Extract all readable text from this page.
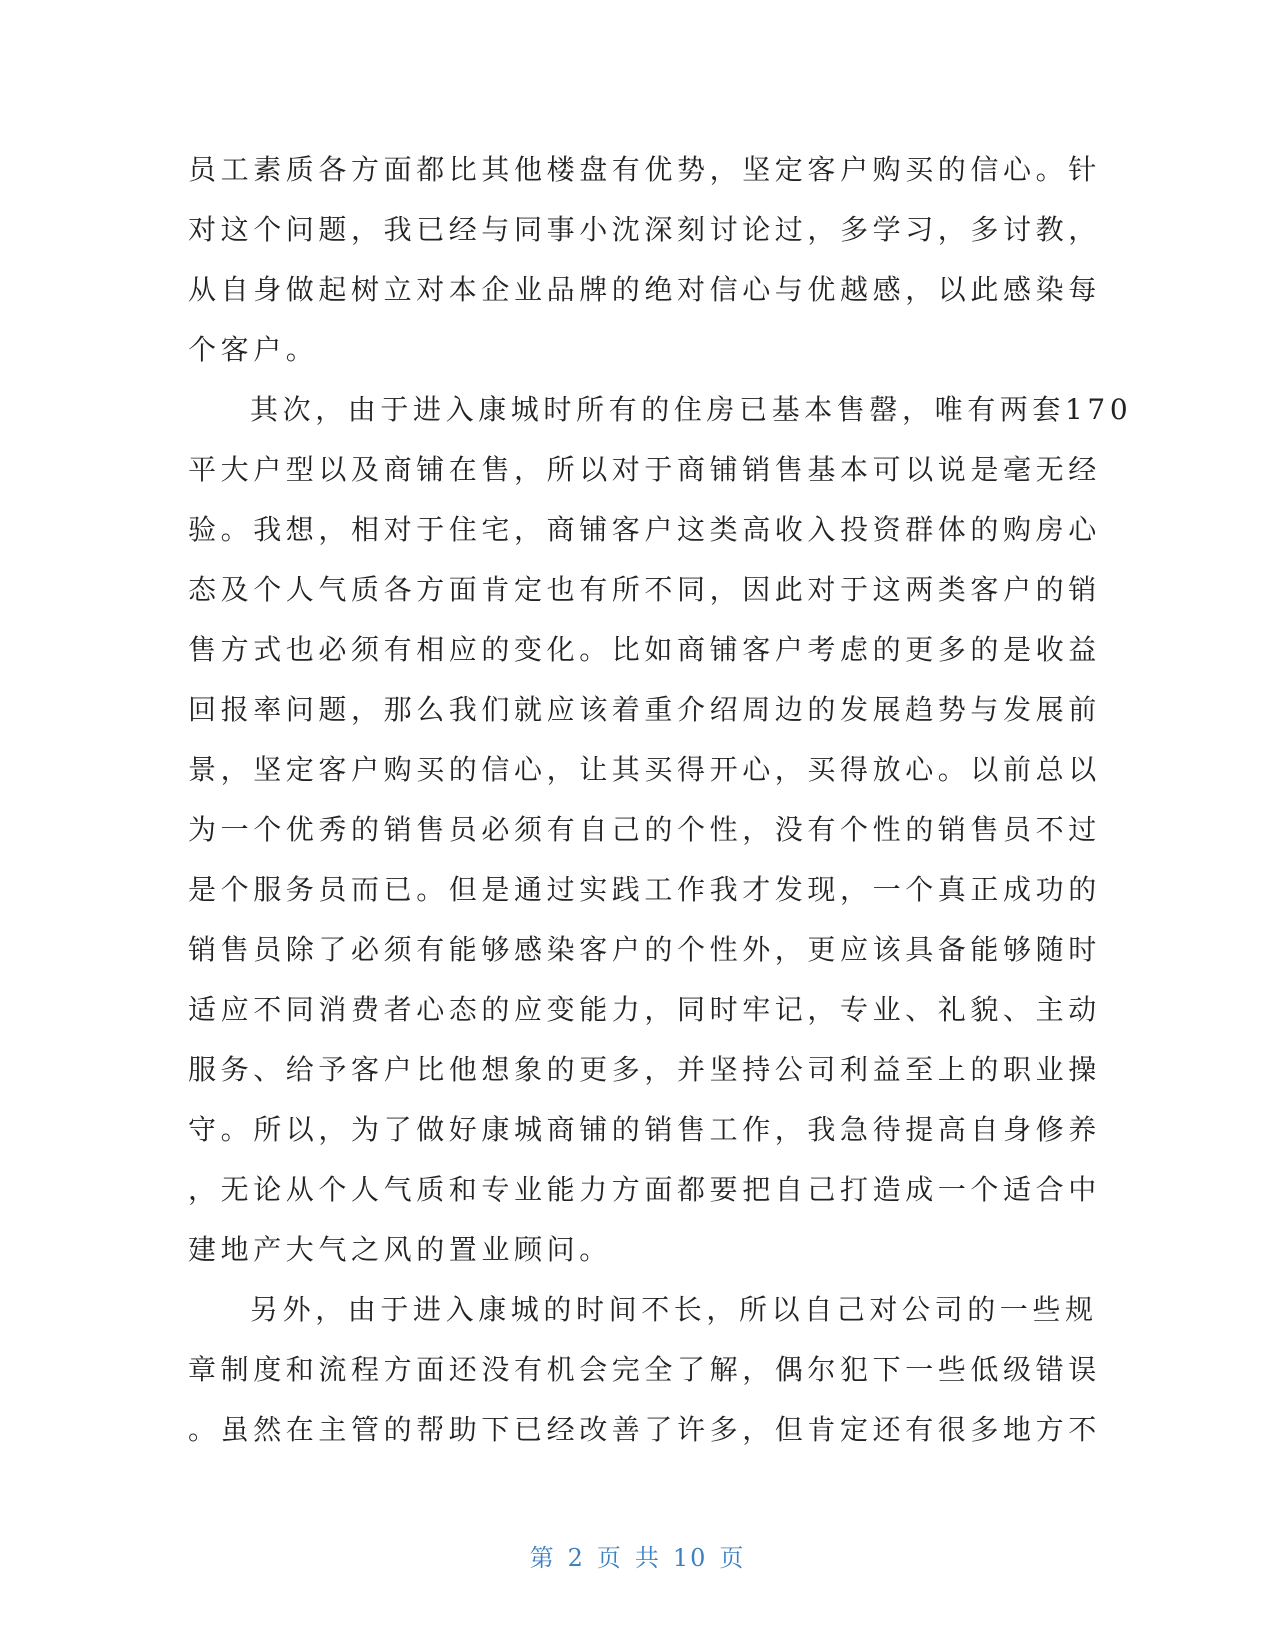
员工素质各方面都比其他楼盘有优势，坚定客户购买的信心。针
对这个问题，我已经与同事小沈深刻讨论过，多学习，多讨教，
从自身做起树立对本企业品牌的绝对信心与优越感，以此感染每
个客户。
其次，由于进入康城时所有的住房已基本售罄，唯有两套170
平大户型以及商铺在售，所以对于商铺销售基本可以说是毫无经
验。我想，相对于住宅，商铺客户这类高收入投资群体的购房心
态及个人气质各方面肯定也有所不同，因此对于这两类客户的销
售方式也必须有相应的变化。比如商铺客户考虑的更多的是收益
回报率问题，那么我们就应该着重介绍周边的发展趋势与发展前
景，坚定客户购买的信心，让其买得开心，买得放心。以前总以
为一个优秀的销售员必须有自己的个性，没有个性的销售员不过
是个服务员而已。但是通过实践工作我才发现，一个真正成功的
销售员除了必须有能够感染客户的个性外，更应该具备能够随时
适应不同消费者心态的应变能力，同时牢记，专业、礼貌、主动
服务、给予客户比他想象的更多，并坚持公司利益至上的职业操
守。所以，为了做好康城商铺的销售工作，我急待提高自身修养
，无论从个人气质和专业能力方面都要把自己打造成一个适合中
建地产大气之风的置业顾问。
另外，由于进入康城的时间不长，所以自己对公司的一些规
章制度和流程方面还没有机会完全了解，偶尔犯下一些低级错误
。虽然在主管的帮助下已经改善了许多，但肯定还有很多地方不
第 2 页 共 10 页
